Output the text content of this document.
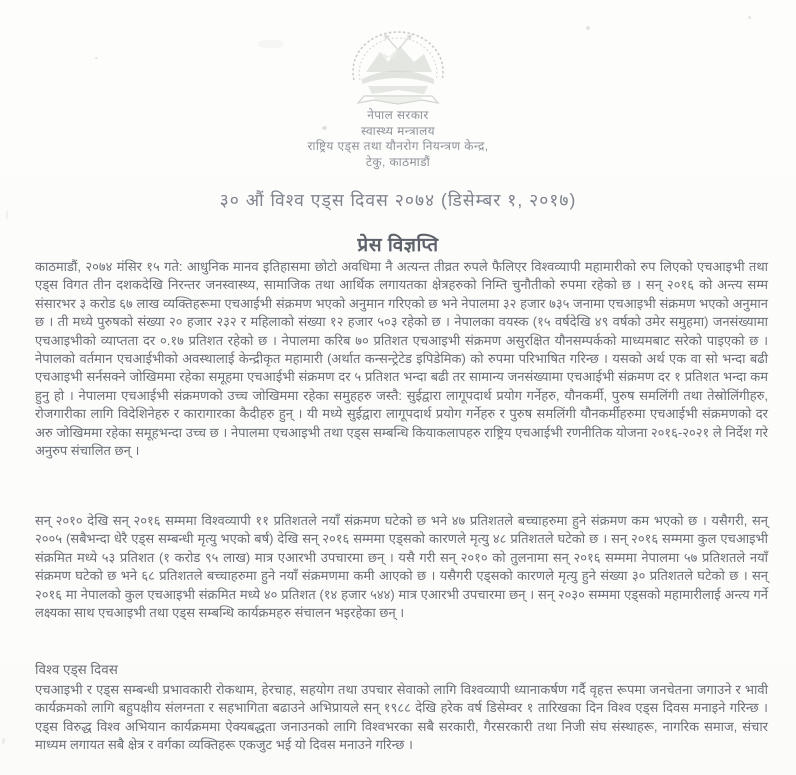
नेपाल सरकार
स्वास्थ्य मन्त्रालय
राष्ट्रिय एड्स तथा यौनरोग नियन्त्रण केन्द्र,
टेकु, काठमाडौं
३० औं विश्व एड्स दिवस २०७४ (डिसेम्बर १, २०१७)
प्रेस विज्ञप्ति
काठमाडौं, २०७४ मंसिर १५ गते: आधुनिक मानव इतिहासमा छोटो अवधिमा नै अत्यन्त तीव्रत रुपले फैलिएर विश्वव्यापी महामारीको रुप लिएको एचआइभी तथा एड्स विगत तीन दशकदेखि निरन्तर जनस्वास्थ्य, सामाजिक तथा आर्थिक लगायतका क्षेत्रहरुको निम्ति चुनौतीको रुपमा रहेको छ । सन् २०१६ को अन्त्य सम्म संसारभर ३ करोड ६७ लाख व्यक्तिहरूमा एचआईभी संक्रमण भएको अनुमान गरिएको छ भने नेपालमा ३२ हजार ७३५ जनामा एचआइभी संक्रमण भएको अनुमान छ । ती मध्ये पुरुषको संख्या २० हजार २३२ र महिलाको संख्या १२ हजार ५०३ रहेको छ । नेपालका वयस्क (१५ वर्षदेखि ४९ वर्षको उमेर समुहमा) जनसंख्यामा एचआइभीको व्याप्तता दर ०.१७ प्रतिशत रहेको छ । नेपालमा करिब ७० प्रतिशत एचआइभी संक्रमण असुरक्षित यौनसम्पर्कको माध्यमबाट सरेको पाइएको छ । नेपालको वर्तमान एचआईभीको अवस्थालाई केन्द्रीकृत महामारी (अर्थात कन्सन्ट्रेटेड इपिडेमिक) को रुपमा परिभाषित गरिन्छ । यसको अर्थ एक वा सो भन्दा बढी एचआइभी सर्नसक्ने जोखिममा रहेका समूहमा एचआईभी संक्रमण दर ५ प्रतिशत भन्दा बढी तर सामान्य जनसंख्यामा एचआईभी संक्रमण दर १ प्रतिशत भन्दा कम हुनु हो । नेपालमा एचआईभी संक्रमणको उच्च जोखिममा रहेका समुहहरु जस्तै: सुईद्वारा लागूपदार्थ प्रयोग गर्नेहरु, यौनकर्मी, पुरुष समलिंगी तथा तेस्रोलिंगीहरु, रोजगारीका लागि विदेशिनेहरु र कारागारका कैदीहरु हुन् । यी मध्ये सुईद्वारा लागूपदार्थ प्रयोग गर्नेहरु र पुरुष समलिंगी यौनकर्मीहरुमा एचआईभी संक्रमणको दर अरु जोखिममा रहेका समूहभन्दा उच्च छ । नेपालमा एचआइभी तथा एड्स सम्बन्धि कियाकलापहरु राष्ट्रिय एचआईभी रणनीतिक योजना २०१६-२०२१ ले निर्देश गरे अनुरुप संचालित छन् ।
सन् २०१० देखि सन् २०१६ सम्ममा विश्वव्यापी ११ प्रतिशतले नयाँ संक्रमण घटेको छ भने ४७ प्रतिशतले बच्चाहरुमा हुने संक्रमण कम भएको छ । यसैगरी, सन् २००५ (सबैभन्दा धेरै एड्स सम्बन्धी मृत्यु भएको बर्ष) देखि सन् २०१६ सम्ममा एड्सको कारणले मृत्यु ४८ प्रतिशतले घटेको छ । सन् २०१६ सम्ममा कुल एचआइभी संक्रमित मध्ये ५३ प्रतिशत (१ करोड ९५ लाख) मात्र एआरभी उपचारमा छन् । यसै गरी सन् २०१० को तुलनामा सन् २०१६ सम्ममा नेपालमा ५७ प्रतिशतले नयाँ संक्रमण घटेको छ भने ६८ प्रतिशतले बच्चाहरुमा हुने नयाँ संक्रमणमा कमी आएको छ । यसैगरी एड्सको कारणले मृत्यु हुने संख्या ३० प्रतिशतले घटेको छ । सन् २०१६ मा नेपालको कुल एचआइभी संक्रमित मध्ये ४० प्रतिशत (१४ हजार ५४४) मात्र एआरभी उपचारमा छन् । सन् २०३० सम्ममा एड्सको महामारीलाई अन्त्य गर्ने लक्ष्यका साथ एचआइभी तथा एड्स सम्बन्धि कार्यक्रमहरु संचालन भइरहेका छन् ।
विश्व एड्स दिवस
एचआइभी र एड्स सम्बन्धी प्रभावकारी रोकथाम, हेरचाह, सहयोग तथा उपचार सेवाको लागि विश्वव्यापी ध्यानाकर्षण गर्दै वृहत्त रूपमा जनचेतना जगाउने र भावी कार्यक्रमको लागि बहुपक्षीय संलग्नता र सहभागिता बढाउने अभिप्रायले सन् १९८८ देखि हरेक वर्ष डिसेम्वर १ तारिखका दिन विश्व एड्स दिवस मनाइने गरिन्छ । एड्स विरुद्ध विश्व अभियान कार्यक्रममा ऐक्यबद्धता जनाउनको लागि विश्वभरका सबै सरकारी, गैरसरकारी तथा निजी संघ संस्थाहरू, नागरिक समाज, संचार माध्यम लगायत सबै क्षेत्र र वर्गका व्यक्तिहरू एकजुट भई यो दिवस मनाउने गरिन्छ ।
